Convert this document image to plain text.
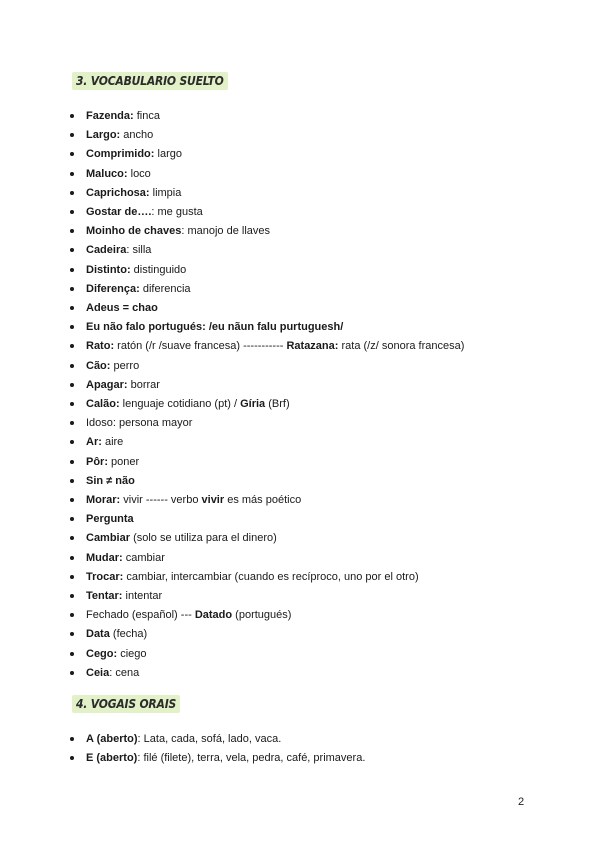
3. VOCABULARIO SUELTO
Fazenda: finca
Largo: ancho
Comprimido: largo
Maluco: loco
Caprichosa: limpia
Gostar de….: me gusta
Moinho de chaves: manojo de llaves
Cadeira: silla
Distinto: distinguido
Diferença: diferencia
Adeus = chao
Eu não falo portugués: /eu nãun falu purtuguesh/
Rato: ratón (/r /suave francesa) ----------- Ratazana: rata (/z/ sonora francesa)
Cão: perro
Apagar: borrar
Calão: lenguaje cotidiano (pt) / Gíria (Brf)
Idoso: persona mayor
Ar: aire
Pôr: poner
Sin ≠ não
Morar: vivir ------ verbo vivir es más poético
Pergunta
Cambiar (solo se utiliza para el dinero)
Mudar: cambiar
Trocar: cambiar, intercambiar (cuando es recíproco, uno por el otro)
Tentar: intentar
Fechado (español) --- Datado (portugués)
Data (fecha)
Cego: ciego
Ceia: cena
4. VOGAIS ORAIS
A (aberto): Lata, cada, sofá, lado, vaca.
E (aberto): filé (filete), terra, vela, pedra, café, primavera.
2
